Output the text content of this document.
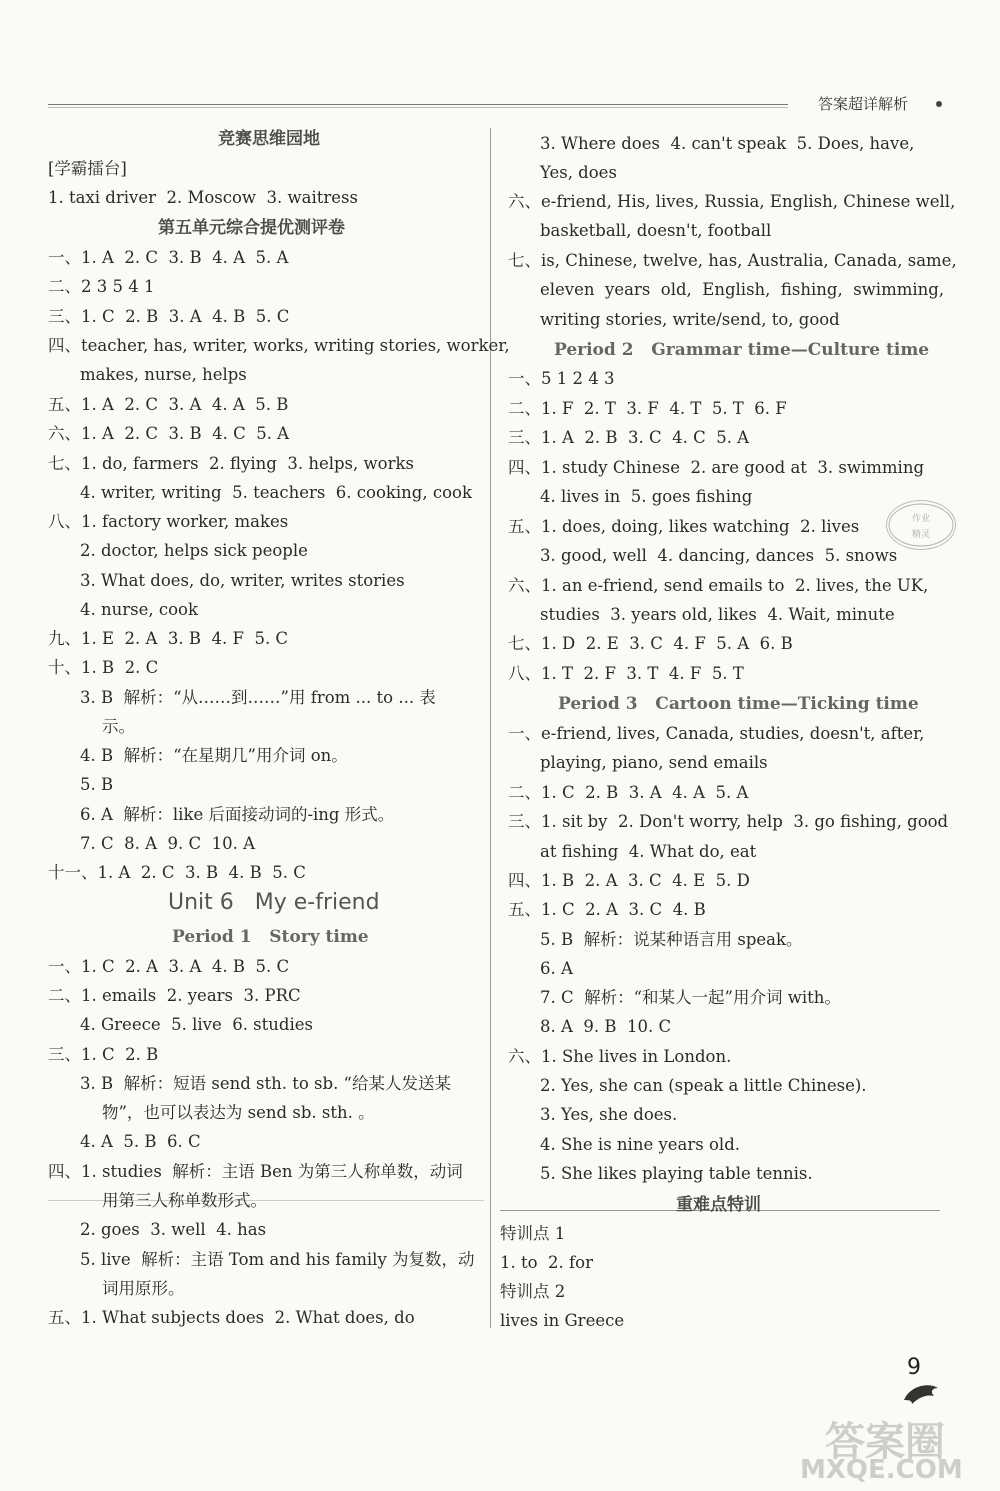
答案超详解析
竞赛思维园地
[学霸擂台]
1. taxi driver  2. Moscow  3. waitress
第五单元综合提优测评卷
一、1. A  2. C  3. B  4. A  5. A
二、2 3 5 4 1
三、1. C  2. B  3. A  4. B  5. C
四、teacher, has, writer, works, writing stories, worker,
makes, nurse, helps
五、1. A  2. C  3. A  4. A  5. B
六、1. A  2. C  3. B  4. C  5. A
七、1. do, farmers  2. flying  3. helps, works
4. writer, writing  5. teachers  6. cooking, cook
八、1. factory worker, makes
2. doctor, helps sick people
3. What does, do, writer, writes stories
4. nurse, cook
九、1. E  2. A  3. B  4. F  5. C
十、1. B  2. C
3. B  解析：“从……到……”用 from ... to ... 表
示。
4. B  解析：“在星期几”用介词 on。
5. B
6. A  解析：like 后面接动词的-ing 形式。
7. C  8. A  9. C  10. A
十一、1. A  2. C  3. B  4. B  5. C
Unit 6   My e-friend
Period 1   Story time
一、1. C  2. A  3. A  4. B  5. C
二、1. emails  2. years  3. PRC
4. Greece  5. live  6. studies
三、1. C  2. B
3. B  解析：短语 send sth. to sb. “给某人发送某
物”，也可以表达为 send sb. sth. 。
4. A  5. B  6. C
四、1. studies  解析：主语 Ben 为第三人称单数，动词
用第三人称单数形式。
2. goes  3. well  4. has
5. live  解析：主语 Tom and his family 为复数，动
词用原形。
五、1. What subjects does  2. What does, do
3. Where does  4. can't speak  5. Does, have,
Yes, does
六、e-friend, His, lives, Russia, English, Chinese well,
basketball, doesn't, football
七、is, Chinese, twelve, has, Australia, Canada, same,
eleven  years  old,  English,  fishing,  swimming,
writing stories, write/send, to, good
Period 2   Grammar time—Culture time
一、5 1 2 4 3
二、1. F  2. T  3. F  4. T  5. T  6. F
三、1. A  2. B  3. C  4. C  5. A
四、1. study Chinese  2. are good at  3. swimming
4. lives in  5. goes fishing
五、1. does, doing, likes watching  2. lives
3. good, well  4. dancing, dances  5. snows
六、1. an e-friend, send emails to  2. lives, the UK,
studies  3. years old, likes  4. Wait, minute
七、1. D  2. E  3. C  4. F  5. A  6. B
八、1. T  2. F  3. T  4. F  5. T
Period 3   Cartoon time—Ticking time
一、e-friend, lives, Canada, studies, doesn't, after,
playing, piano, send emails
二、1. C  2. B  3. A  4. A  5. A
三、1. sit by  2. Don't worry, help  3. go fishing, good
at fishing  4. What do, eat
四、1. B  2. A  3. C  4. E  5. D
五、1. C  2. A  3. C  4. B
5. B  解析：说某种语言用 speak。
6. A
7. C  解析：“和某人一起”用介词 with。
8. A  9. B  10. C
六、1. She lives in London.
2. Yes, she can (speak a little Chinese).
3. Yes, she does.
4. She is nine years old.
5. She likes playing table tennis.
重难点特训
特训点 1
1. to  2. for
特训点 2
lives in Greece
作业
精灵
9
答案圈
MXQE.COM
